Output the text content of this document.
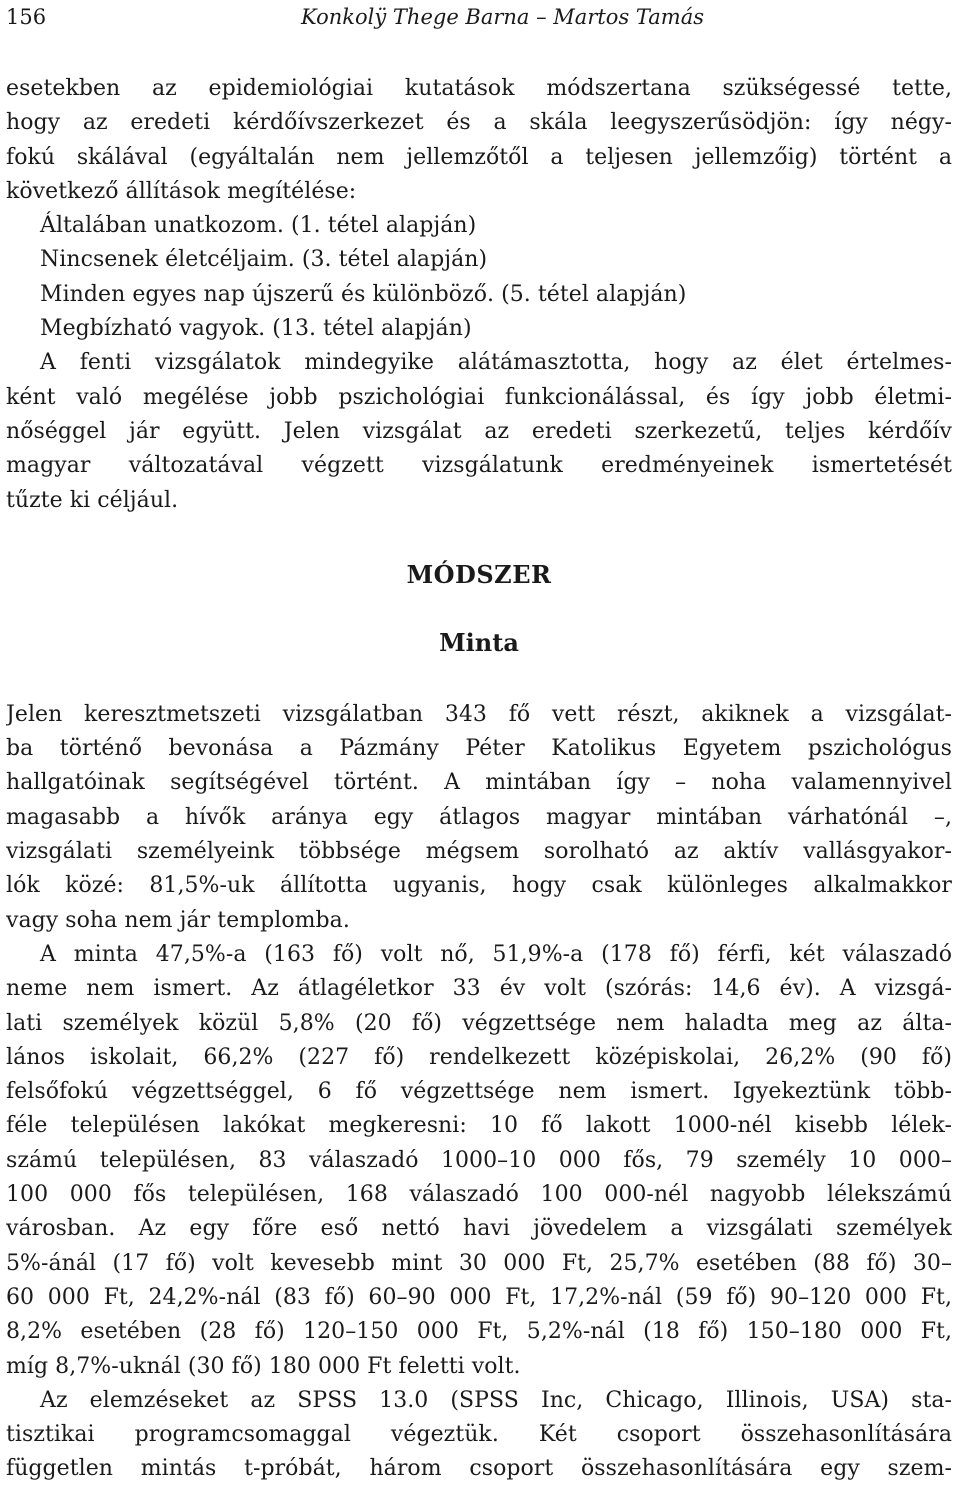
156	Konkolÿ Thege Barna – Martos Tamás
esetekben az epidemiológiai kutatások módszertana szükségessé tette,
hogy az eredeti kérdőívszerkezet és a skála leegyszerűsödjön: így négy-
fokú skálával (egyáltalán nem jellemzőtől a teljesen jellemzőig) történt a
következő állítások megítélése:
Általában unatkozom. (1. tétel alapján)
Nincsenek életcéljaim. (3. tétel alapján)
Minden egyes nap újszerű és különböző. (5. tétel alapján)
Megbízható vagyok. (13. tétel alapján)
A fenti vizsgálatok mindegyike alátámasztotta, hogy az élet értelmes-
ként való megélése jobb pszichológiai funkcionálással, és így jobb életmi-
nőséggel jár együtt. Jelen vizsgálat az eredeti szerkezetű, teljes kérdőív
magyar változatával végzett vizsgálatunk eredményeinek ismertetését
tűzte ki céljául.
MÓDSZER
Minta
Jelen keresztmetszeti vizsgálatban 343 fő vett részt, akiknek a vizsgálat-
ba történő bevonása a Pázmány Péter Katolikus Egyetem pszichológus
hallgatóinak segítségével történt. A mintában így – noha valamennyivel
magasabb a hívők aránya egy átlagos magyar mintában várhatónál –,
vizsgálati személyeink többsége mégsem sorolható az aktív vallásgyakor-
lók közé: 81,5%-uk állította ugyanis, hogy csak különleges alkalmakkor
vagy soha nem jár templomba.
A minta 47,5%-a (163 fő) volt nő, 51,9%-a (178 fő) férfi, két válaszadó
neme nem ismert. Az átlagéletkor 33 év volt (szórás: 14,6 év). A vizsgá-
lati személyek közül 5,8% (20 fő) végzettsége nem haladta meg az álta-
lános iskolait, 66,2% (227 fő) rendelkezett középiskolai, 26,2% (90 fő)
felsőfokú végzettséggel, 6 fő végzettsége nem ismert. Igyekeztünk több-
féle településen lakókat megkeresni: 10 fő lakott 1000-nél kisebb lélek-
számú településen, 83 válaszadó 1000–10 000 fős, 79 személy 10 000–
100 000 fős településen, 168 válaszadó 100 000-nél nagyobb lélekszámú
városban. Az egy főre eső nettó havi jövedelem a vizsgálati személyek
5%-ánál (17 fő) volt kevesebb mint 30 000 Ft, 25,7% esetében (88 fő) 30–
60 000 Ft, 24,2%-nál (83 fő) 60–90 000 Ft, 17,2%-nál (59 fő) 90–120 000 Ft,
8,2% esetében (28 fő) 120–150 000 Ft, 5,2%-nál (18 fő) 150–180 000 Ft,
míg 8,7%-uknál (30 fő) 180 000 Ft feletti volt.
Az elemzéseket az SPSS 13.0 (SPSS Inc, Chicago, Illinois, USA) sta-
tisztikai programcsomaggal végeztük. Két csoport összehasonlítására
független mintás t-próbát, három csoport összehasonlítására egy szem-
